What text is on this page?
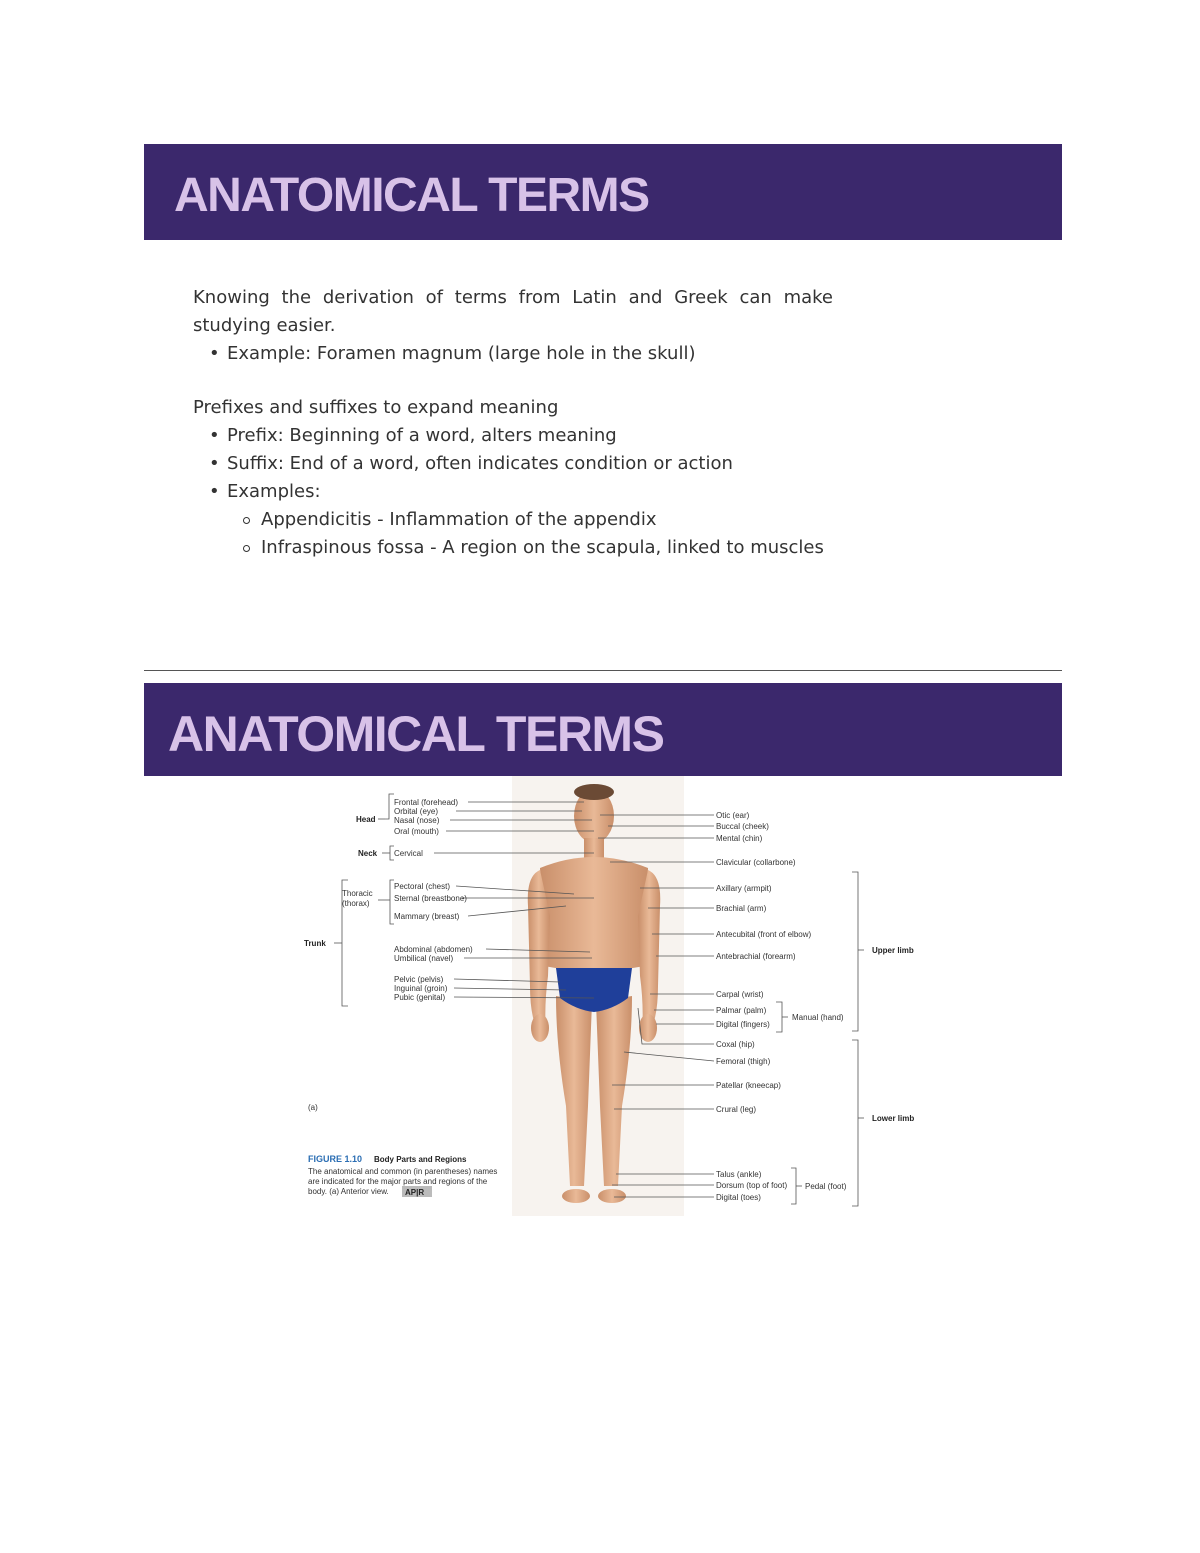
ANATOMICAL TERMS

Knowing the derivation of terms from Latin and Greek can make studying easier.

• Example: Foramen magnum (large hole in the skull)

Prefixes and suffixes to expand meaning

• Prefix: Beginning of a word, alters meaning
• Suffix: End of a word, often indicates condition or action
• Examples:
Appendicitis - Inflammation of the appendix
Infraspinous fossa - A region on the scapula, linked to muscles
ANATOMICAL TERMS
Frontal (forehead)
Orbital (eye)
Nasal (nose)
Oral (mouth)
Cervical
Pectoral (chest)
Sternal (breastbone)
Mammary (breast)
Abdominal (abdomen)
Umbilical (navel)
Pelvic (pelvis)
Inguinal (groin)
Pubic (genital)
Head
Neck
Trunk
Thoracic (thorax)
Otic (ear)
Buccal (cheek)
Mental (chin)
Clavicular (collarbone)
Axillary (armpit)
Brachial (arm)
Antecubital (front of elbow)
Antebrachial (forearm)
Carpal (wrist)
Palmar (palm)
Digital (fingers)
Coxal (hip)
Femoral (thigh)
Patellar (kneecap)
Crural (leg)
Talus (ankle)
Dorsum (top of foot)
Digital (toes)
Manual (hand)
Upper limb
Lower limb
Pedal (foot)
(a)
FIGURE 1.10 Body Parts and Regions
The anatomical and common (in parentheses) names
are indicated for the major parts and regions of the
body. (a) Anterior view. AP|R
